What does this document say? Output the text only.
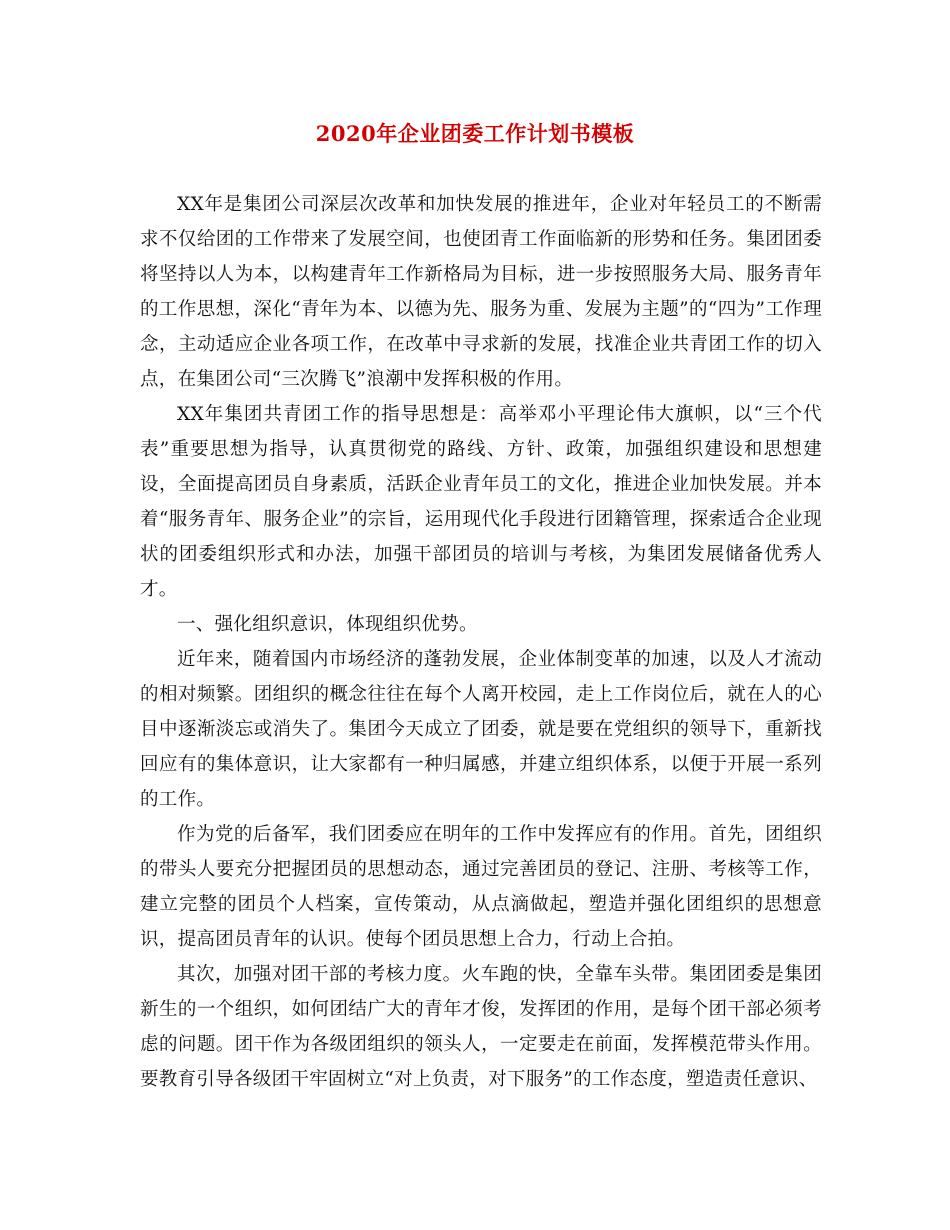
2020年企业团委工作计划书模板

XX年是集团公司深层次改革和加快发展的推进年，企业对年轻员工的不断需求不仅给团的工作带来了发展空间，也使团青工作面临新的形势和任务。集团团委将坚持以人为本，以构建青年工作新格局为目标，进一步按照服务大局、服务青年的工作思想，深化“青年为本、以德为先、服务为重、发展为主题”的“四为”工作理念，主动适应企业各项工作，在改革中寻求新的发展，找准企业共青团工作的切入点，在集团公司“三次腾飞”浪潮中发挥积极的作用。

XX年集团共青团工作的指导思想是：高举邓小平理论伟大旗帜，以“三个代表”重要思想为指导，认真贯彻党的路线、方针、政策，加强组织建设和思想建设，全面提高团员自身素质，活跃企业青年员工的文化，推进企业加快发展。并本着“服务青年、服务企业”的宗旨，运用现代化手段进行团籍管理，探索适合企业现状的团委组织形式和办法，加强干部团员的培训与考核，为集团发展储备优秀人才。

一、强化组织意识，体现组织优势。

近年来，随着国内市场经济的蓬勃发展，企业体制变革的加速，以及人才流动的相对频繁。团组织的概念往往在每个人离开校园，走上工作岗位后，就在人的心目中逐渐淡忘或消失了。集团今天成立了团委，就是要在党组织的领导下，重新找回应有的集体意识，让大家都有一种归属感，并建立组织体系，以便于开展一系列的工作。

作为党的后备军，我们团委应在明年的工作中发挥应有的作用。首先，团组织的带头人要充分把握团员的思想动态，通过完善团员的登记、注册、考核等工作，建立完整的团员个人档案，宣传策动，从点滴做起，塑造并强化团组织的思想意识，提高团员青年的认识。使每个团员思想上合力，行动上合拍。

其次，加强对团干部的考核力度。火车跑的快，全靠车头带。集团团委是集团新生的一个组织，如何团结广大的青年才俊，发挥团的作用，是每个团干部必须考虑的问题。团干作为各级团组织的领头人，一定要走在前面，发挥模范带头作用。要教育引导各级团干牢固树立“对上负责，对下服务”的工作态度，塑造责任意识、
